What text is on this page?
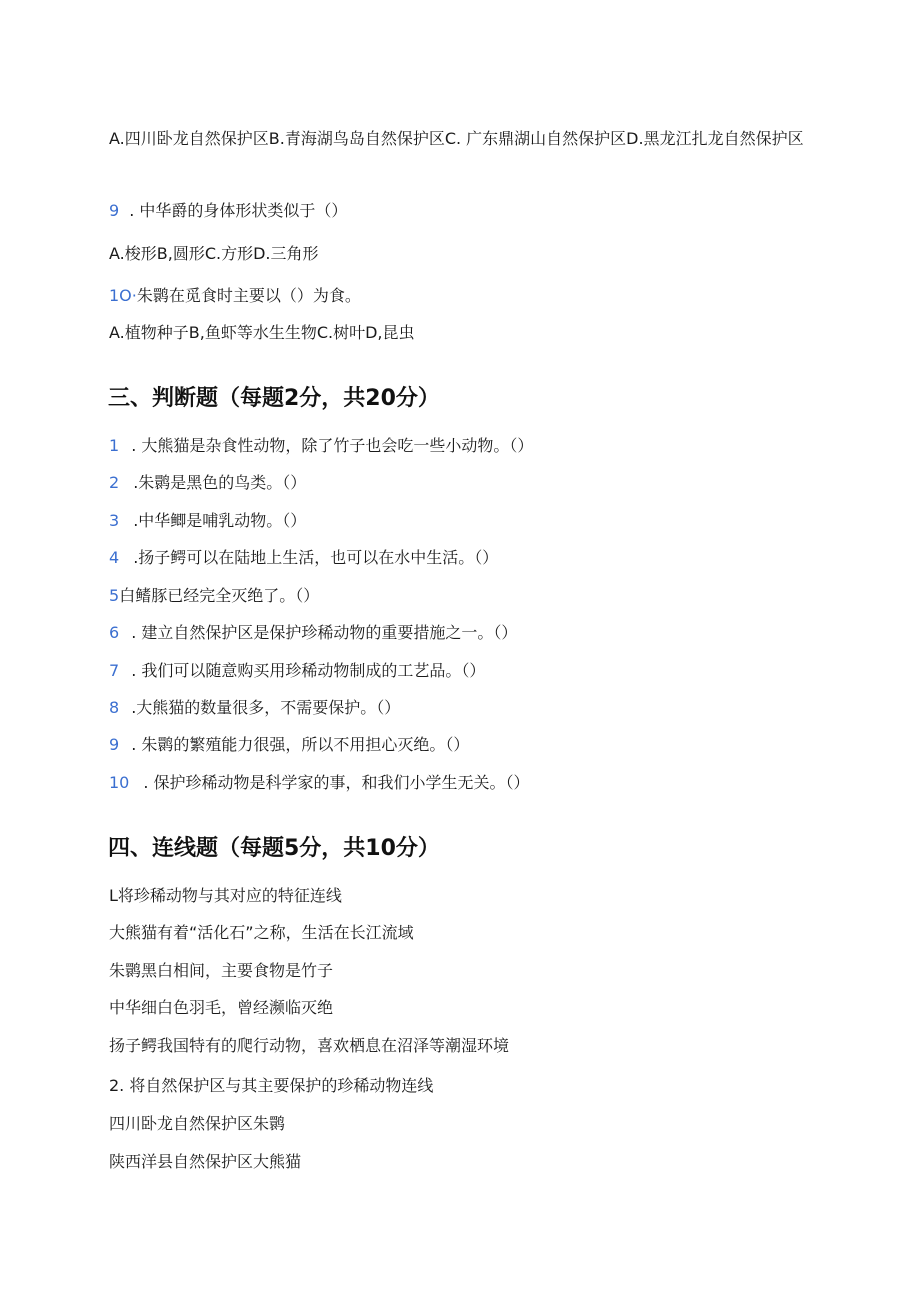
A.四川卧龙自然保护区B.青海湖鸟岛自然保护区C. 广东鼎湖山自然保护区D.黑龙江扎龙自然保护区
9 . 中华爵的身体形状类似于（）
A.梭形B,圆形C.方形D.三角形
1O·朱鹮在觅食时主要以（）为食。
A.植物种子B,鱼虾等水生生物C.树叶D,昆虫
三、判断题（每题2分，共20分）
1 . 大熊猫是杂食性动物，除了竹子也会吃一些小动物。（）
2 .朱鹮是黑色的鸟类。（）
3 .中华鲫是哺乳动物。（）
4 .扬子鳄可以在陆地上生活，也可以在水中生活。（）
5白鳍豚已经完全灭绝了。（）
6 . 建立自然保护区是保护珍稀动物的重要措施之一。（）
7 . 我们可以随意购买用珍稀动物制成的工艺品。（）
8 .大熊猫的数量很多，不需要保护。（）
9 . 朱鹮的繁殖能力很强，所以不用担心灭绝。（）
10 . 保护珍稀动物是科学家的事，和我们小学生无关。（）
四、连线题（每题5分，共10分）
L将珍稀动物与其对应的特征连线
大熊猫有着“活化石”之称，生活在长江流域
朱鹮黑白相间，主要食物是竹子
中华细白色羽毛，曾经濒临灭绝
扬子鳄我国特有的爬行动物，喜欢栖息在沼泽等潮湿环境
2. 将自然保护区与其主要保护的珍稀动物连线
四川卧龙自然保护区朱鹮
陕西洋县自然保护区大熊猫
